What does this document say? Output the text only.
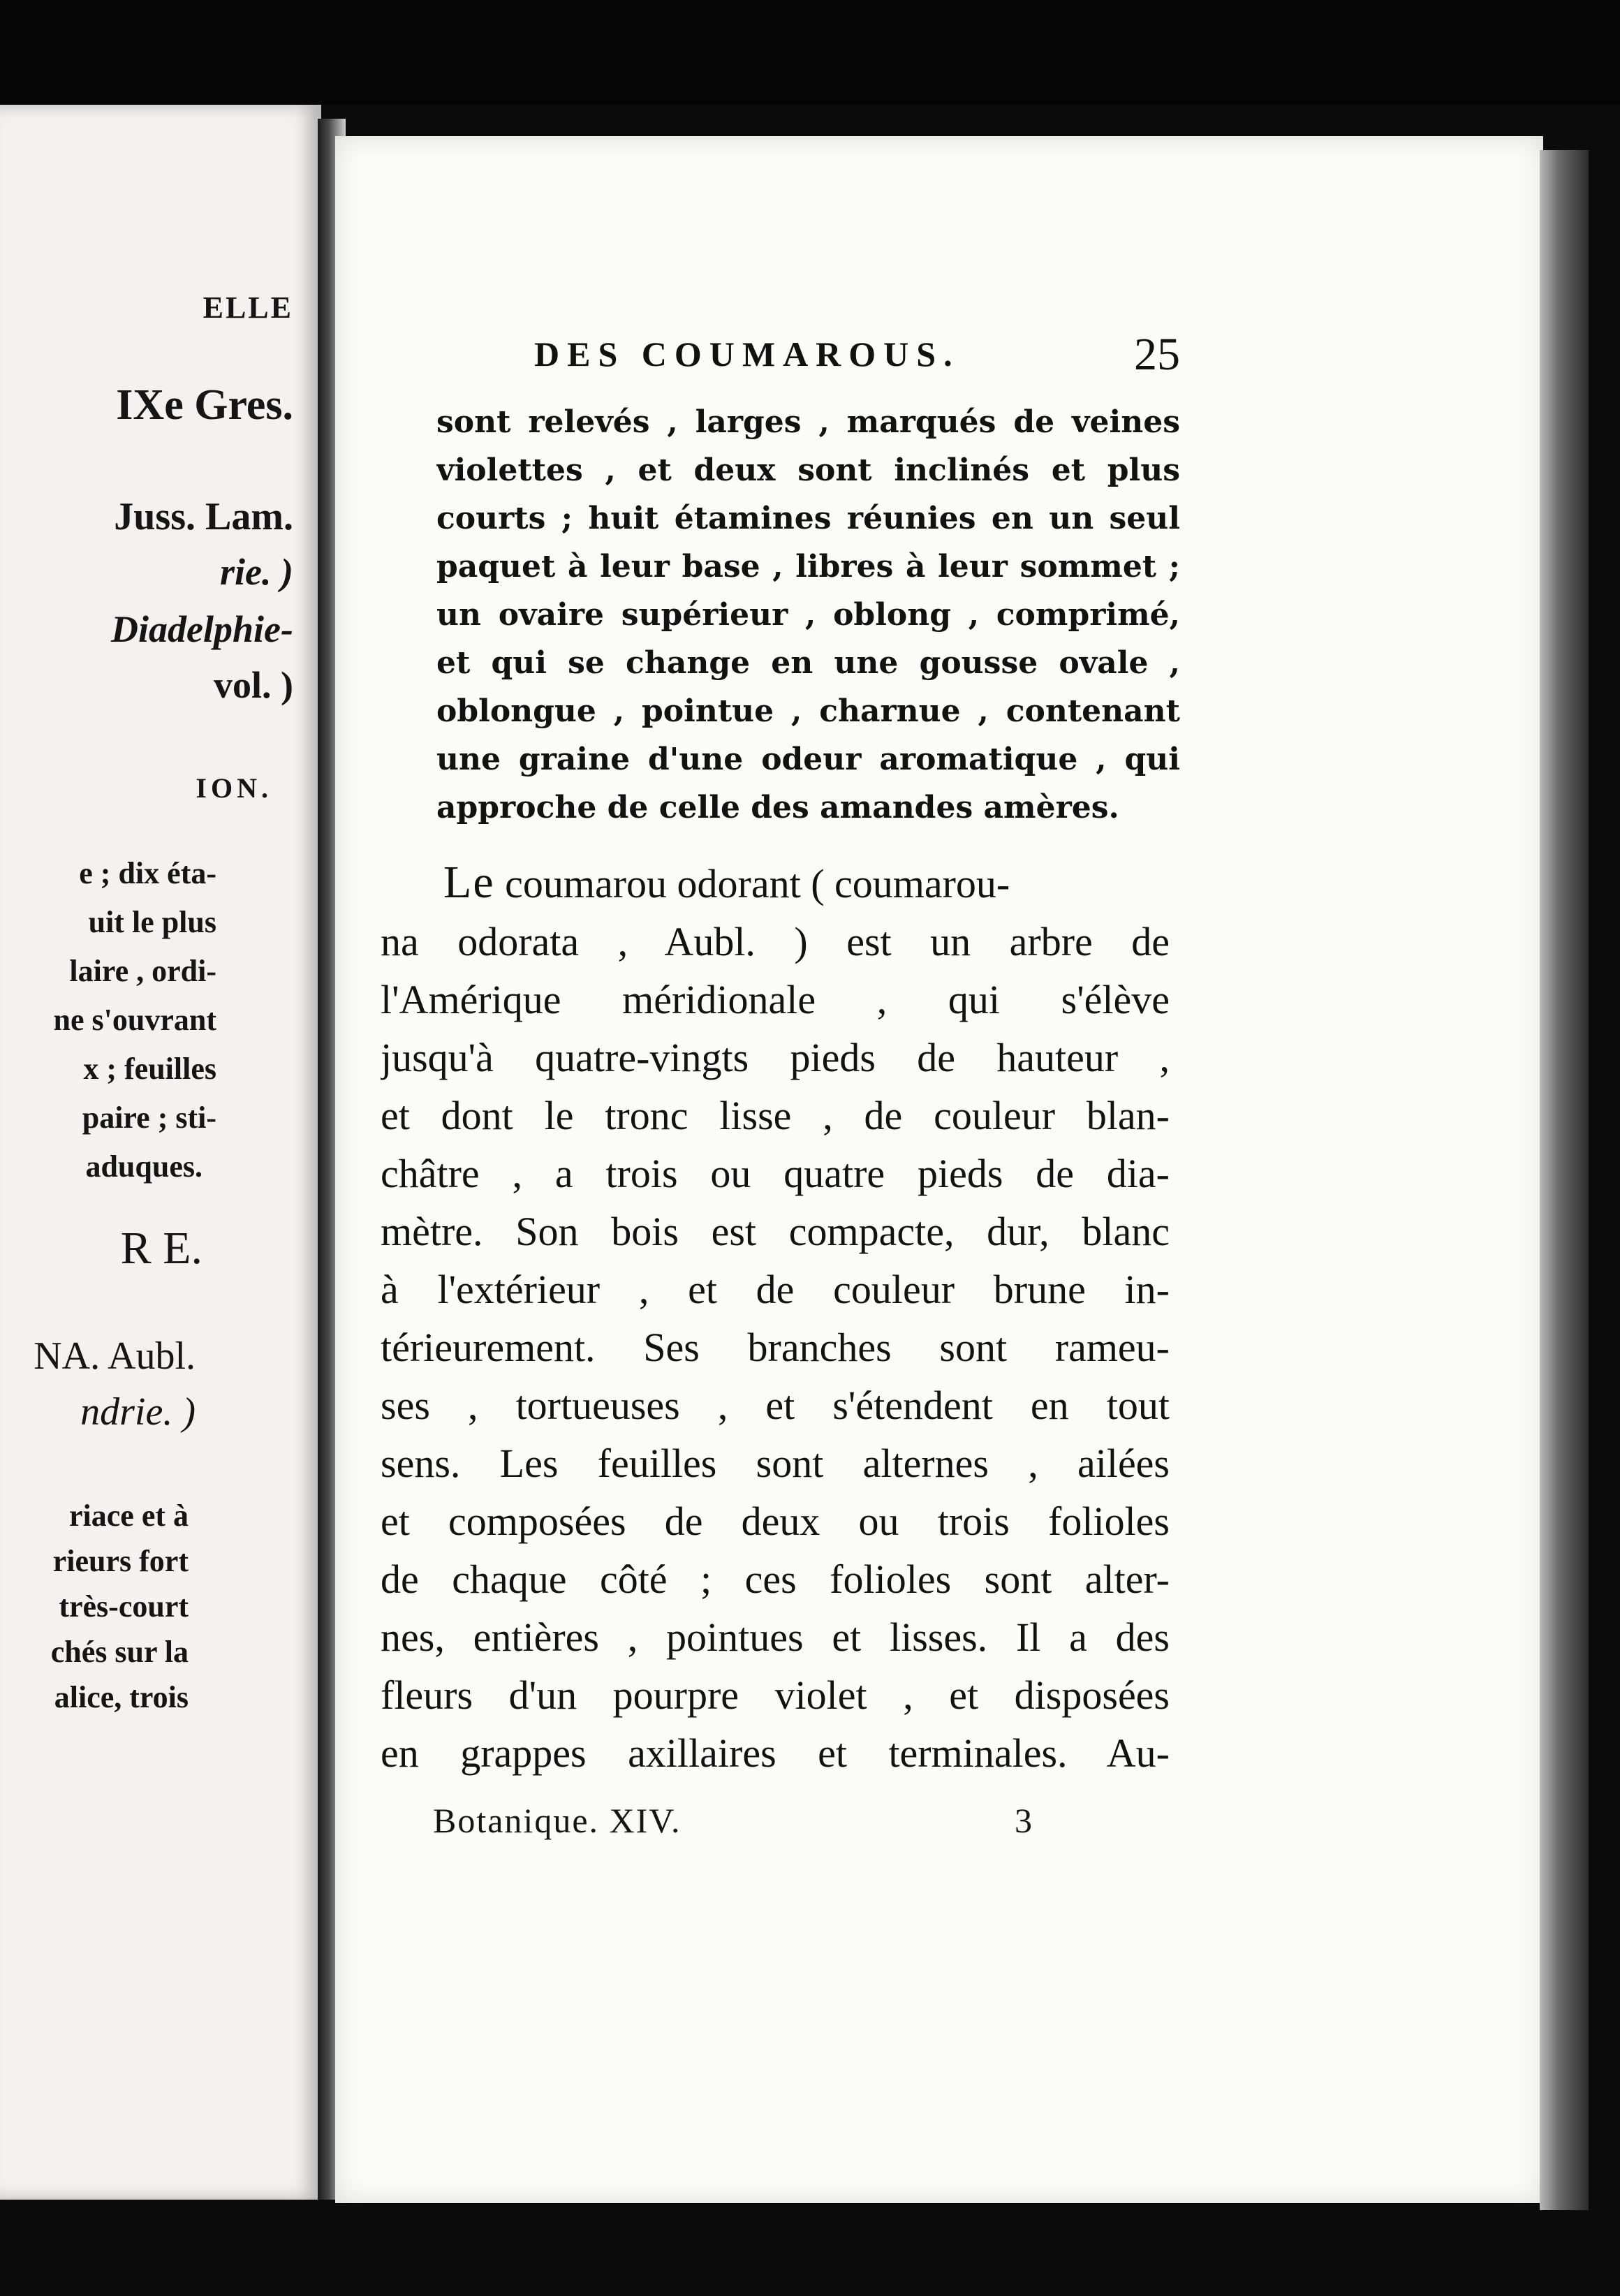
ELLE
IXe Gres.
Juss. Lam.
rie. )
Diadelphie-
vol. )
ION.
e ; dix éta-
uit le plus
laire , ordi-
ne s'ouvrant
x ; feuilles
paire ; sti-
aduques.
R E.
NA. Aubl.
ndrie. )
riace et à
rieurs fort
très-court
chés sur la
alice, trois
DES COUMAROUS.	25
sont relevés , larges , marqués de veines
violettes , et deux sont inclinés et plus
courts ; huit étamines réunies en un seul
paquet à leur base , libres à leur sommet ;
un ovaire supérieur , oblong , comprimé,
et qui se change en une gousse ovale ,
oblongue , pointue , charnue , contenant
une graine d'une odeur aromatique , qui
approche de celle des amandes amères.
Le coumarou odorant ( coumarou-
na odorata , Aubl. ) est un arbre de
l'Amérique méridionale , qui s'élève
jusqu'à quatre-vingts pieds de hauteur ,
et dont le tronc lisse , de couleur blan-
châtre , a trois ou quatre pieds de dia-
mètre. Son bois est compacte, dur, blanc
à l'extérieur , et de couleur brune in-
térieurement. Ses branches sont rameu-
ses , tortueuses , et s'étendent en tout
sens. Les feuilles sont alternes , ailées
et composées de deux ou trois folioles
de chaque côté ; ces folioles sont alter-
nes, entières , pointues et lisses. Il a des
fleurs d'un pourpre violet , et disposées
en grappes axillaires et terminales. Au-
Botanique. XIV.	3
